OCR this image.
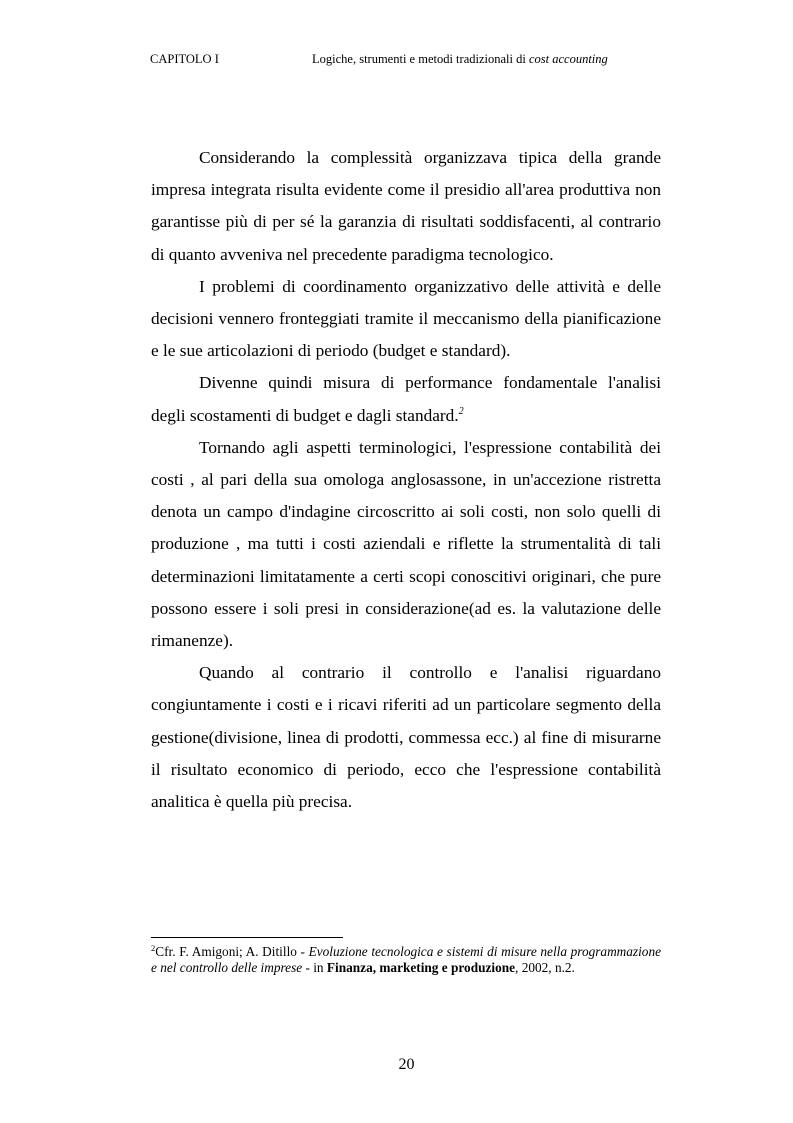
CAPITOLO I	Logiche, strumenti e metodi tradizionali di cost accounting

Considerando la complessità organizzava tipica della grande impresa integrata risulta evidente come il presidio all'area produttiva non garantisse più di per sé la garanzia di risultati soddisfacenti, al contrario di quanto avveniva nel precedente paradigma tecnologico.

I problemi di coordinamento organizzativo delle attività e delle decisioni vennero fronteggiati tramite il meccanismo della pianificazione e le sue articolazioni di periodo (budget e standard).

Divenne quindi misura di performance fondamentale l'analisi degli scostamenti di budget e dagli standard.$^2$

Tornando agli aspetti terminologici, l'espressione contabilità dei costi , al pari della sua omologa anglosassone, in un'accezione ristretta denota un campo d'indagine circoscritto ai soli costi, non solo quelli di produzione , ma tutti i costi aziendali e riflette la strumentalità di tali determinazioni limitatamente a certi scopi conoscitivi originari, che pure possono essere i soli presi in considerazione(ad es. la valutazione delle rimanenze).

Quando al contrario il controllo e l'analisi riguardano congiuntamente i costi e i ricavi riferiti ad un particolare segmento della gestione(divisione, linea di prodotti, commessa ecc.) al fine di misurarne il risultato economico di periodo, ecco che l'espressione contabilità analitica è quella più precisa.

$^2$Cfr. F. Amigoni; A. Ditillo - Evoluzione tecnologica e sistemi di misure nella programmazione e nel controllo delle imprese - in Finanza, marketing e produzione, 2002, n.2.
20
